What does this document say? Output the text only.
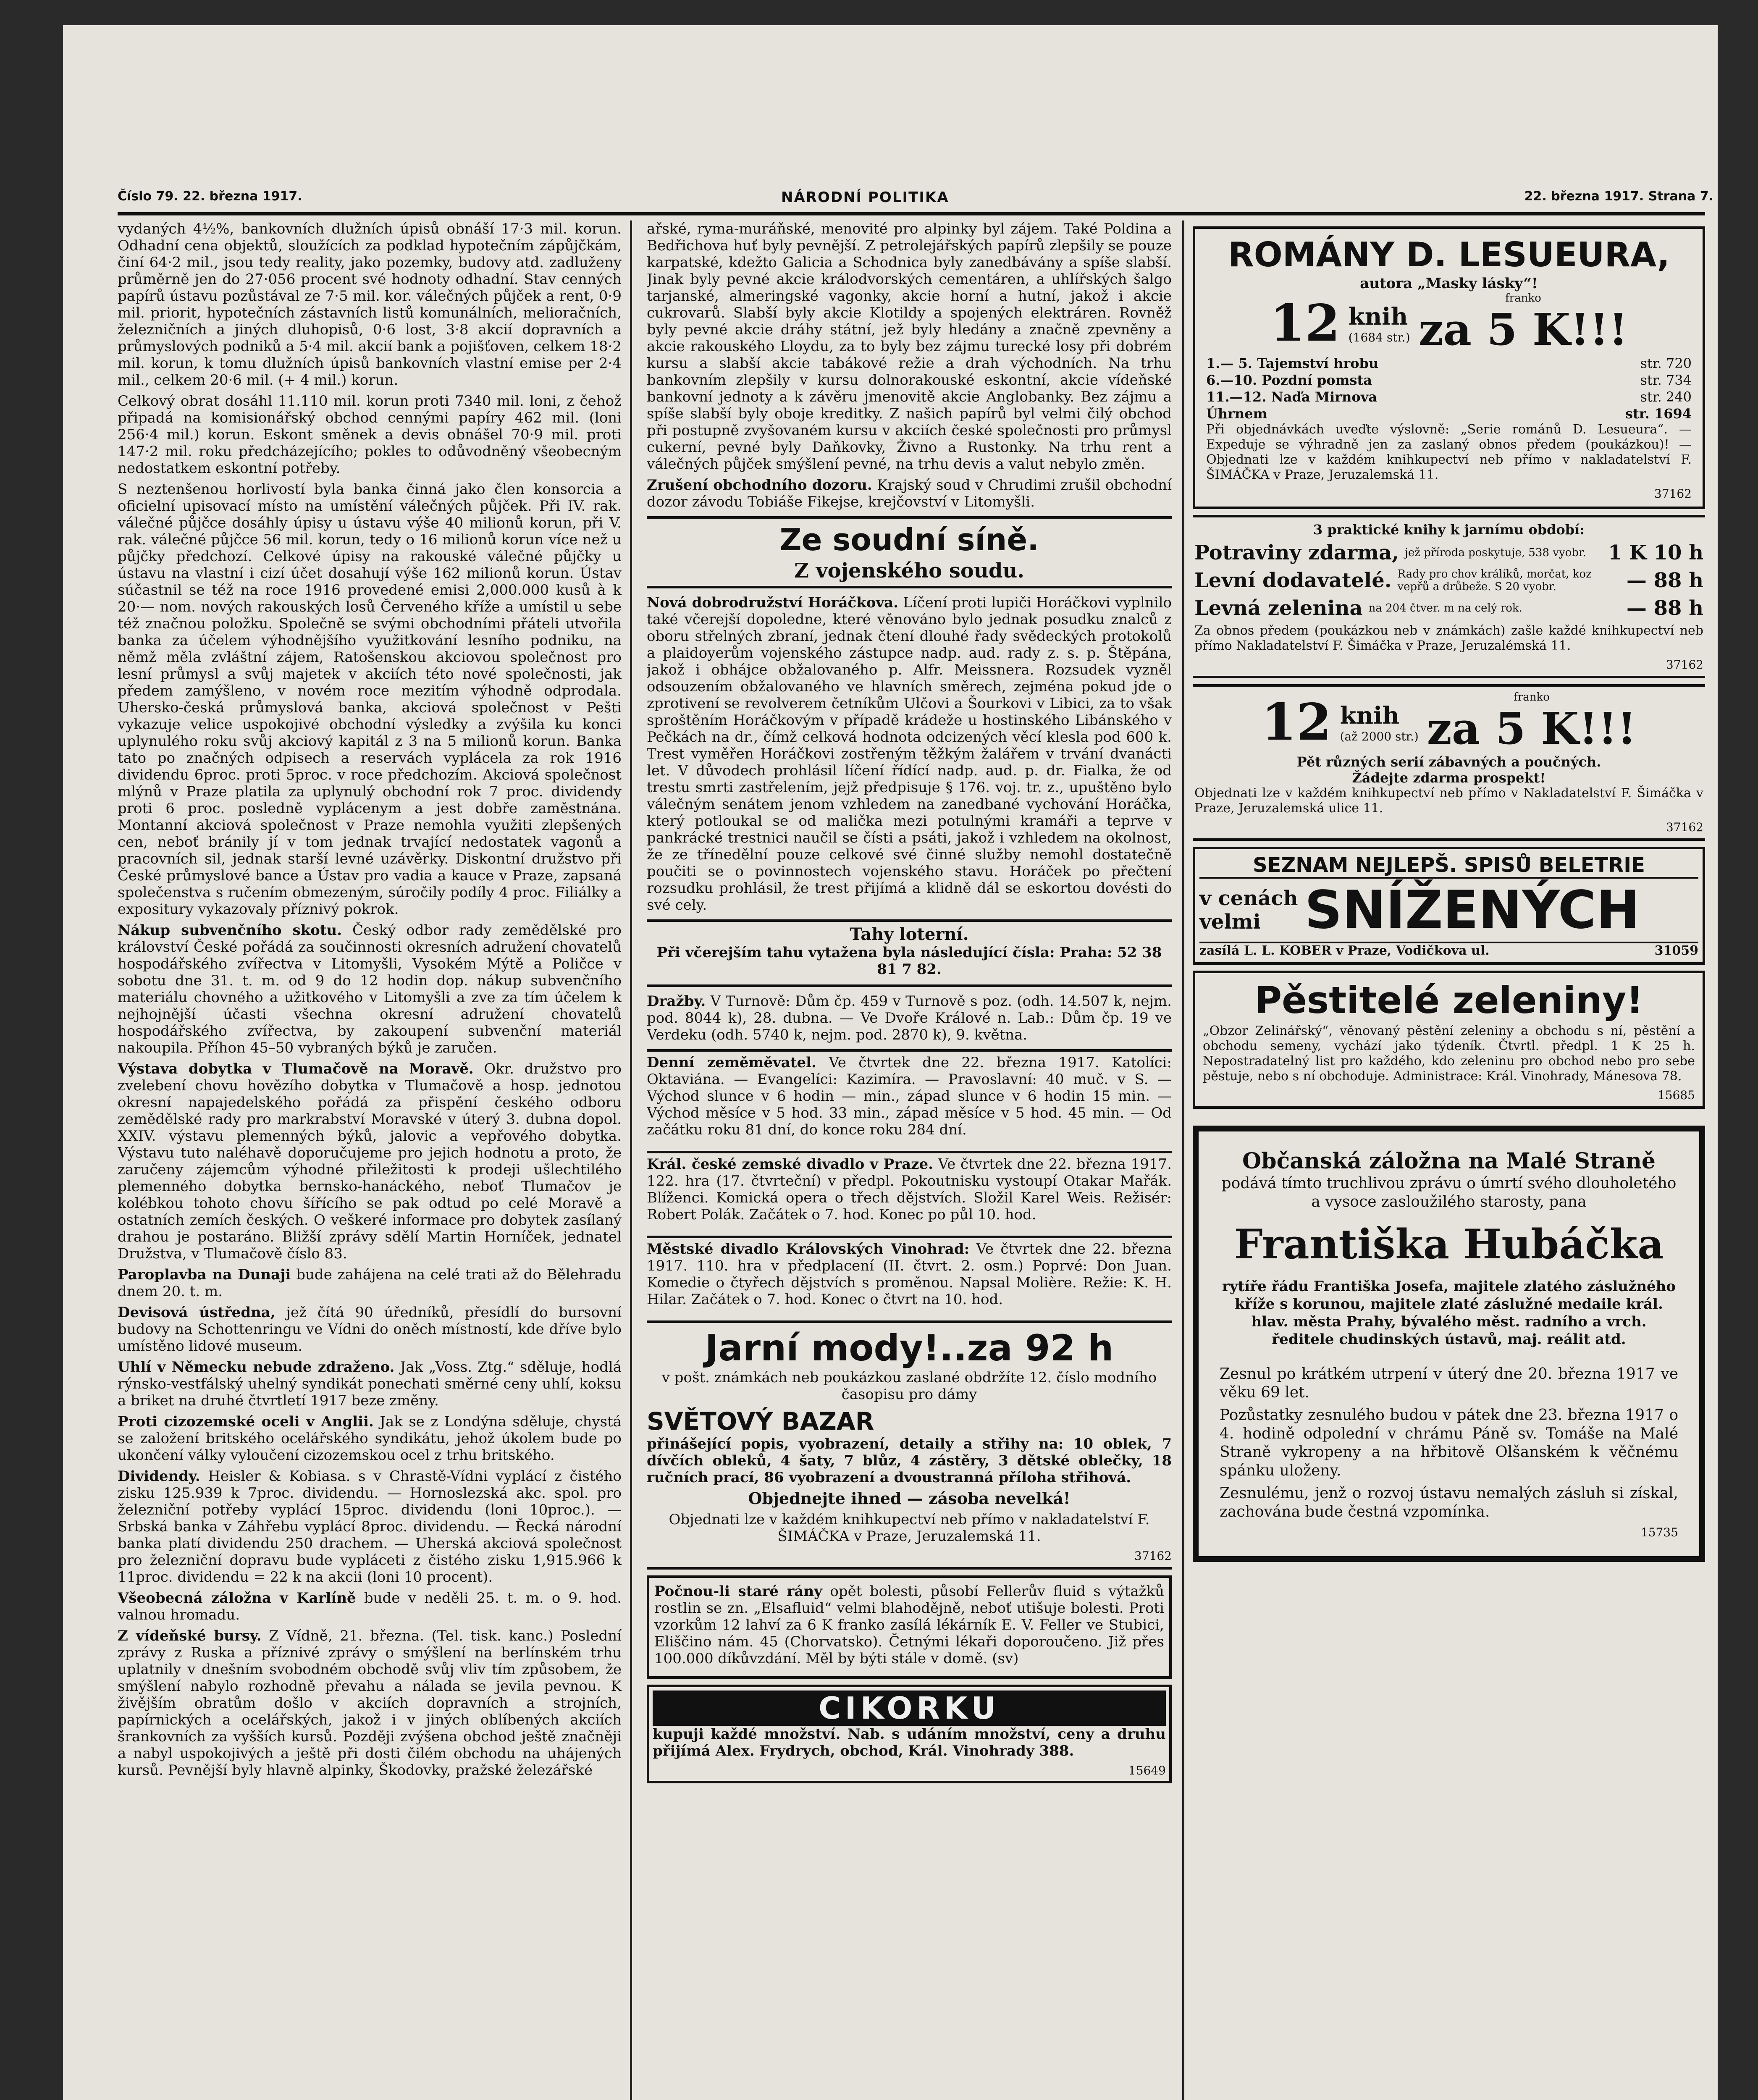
Číslo 79. 22. března 1917.	NÁRODNÍ POLITIKA	22. března 1917. Strana 7.

vydaných 4½%, bankovních dlužních úpisů obnáší 17·3 mil. korun. Odhadní cena objektů, sloužících za podklad hypotečním zápůjčkám, činí 64·2 mil., jsou tedy reality, jako pozemky, budovy atd. zadluženy průměrně jen do 27·056 procent své hodnoty odhadní. Stav cenných papírů ústavu pozůstával ze 7·5 mil. kor. válečných půjček a rent, 0·9 mil. priorit, hypotečních zástavních listů komunálních, melioračních, železničních a jiných dluhopisů, 0·6 lost, 3·8 akcií dopravních a průmyslových podniků a 5·4 mil. akcií bank a pojišťoven, celkem 18·2 mil. korun, k tomu dlužních úpisů bankovních vlastní emise per 2·4 mil., celkem 20·6 mil. (+ 4 mil.) korun.

Celkový obrat dosáhl 11.110 mil. korun proti 7340 mil. loni, z čehož připadá na komisionářský obchod cennými papíry 462 mil. (loni 256·4 mil.) korun. Eskont směnek a devis obnášel 70·9 mil. proti 147·2 mil. roku předcházejícího; pokles to odůvodněný všeobecným nedostatkem eskontní potřeby.

S neztenšenou horlivostí byla banka činná jako člen konsorcia a oficielní upisovací místo na umístění válečných půjček. Při IV. rak. válečné půjčce dosáhly úpisy u ústavu výše 40 milionů korun, při V. rak. válečné půjčce 56 mil. korun, tedy o 16 milionů korun více než u půjčky předchozí. Celkové úpisy na rakouské válečné půjčky u ústavu na vlastní i cizí účet dosahují výše 162 milionů korun. Ústav súčastnil se též na roce 1916 provedené emisi 2,000.000 kusů à k 20·— nom. nových rakouských losů Červeného kříže a umístil u sebe též značnou položku. Společně se svými obchodními přáteli utvořila banka za účelem výhodnějšího využitkování lesního podniku, na němž měla zvláštní zájem, Ratošenskou akciovou společnost pro lesní průmysl a svůj majetek v akciích této nové společnosti, jak předem zamýšleno, v novém roce mezitím výhodně odprodala. Uhersko-česká průmyslová banka, akciová společnost v Pešti vykazuje velice uspokojivé obchodní výsledky a zvýšila ku konci uplynulého roku svůj akciový kapitál z 3 na 5 milionů korun. Banka tato po značných odpisech a reservách vyplácela za rok 1916 dividendu 6proc. proti 5proc. v roce předchozím. Akciová společnost mlýnů v Praze platila za uplynulý obchodní rok 7 proc. dividendy proti 6 proc. posledně vyplácenym a jest dobře zaměstnána. Montanní akciová společnost v Praze nemohla využiti zlepšených cen, neboť bránily jí v tom jednak trvající nedostatek vagonů a pracovních sil, jednak starší levné uzávěrky. Diskontní družstvo při České průmyslové bance a Ústav pro vadia a kauce v Praze, zapsaná společenstva s ručením obmezeným, súročily podíly 4 proc. Filiálky a expositury vykazovaly příznivý pokrok.

Nákup subvenčního skotu. Český odbor rady zemědělské pro království České pořádá za součinnosti okresních adružení chovatelů hospodářského zvířectva v Litomyšli, Vysokém Mýtě a Poličce v sobotu dne 31. t. m. od 9 do 12 hodin dop. nákup subvenčního materiálu chovného a užitkového v Litomyšli a zve za tím účelem k nejhojnější účasti všechna okresní adružení chovatelů hospodářského zvířectva, by zakoupení subvenční materiál nakoupila. Příhon 45–50 vybraných býků je zaručen.

Výstava dobytka v Tlumačově na Moravě. Okr. družstvo pro zvelebení chovu hovězího dobytka v Tlumačově a hosp. jednotou okresní napajedelského pořádá za přispění českého odboru zemědělské rady pro markrabství Moravské v úterý 3. dubna dopol. XXIV. výstavu plemenných býků, jalovic a vepřového dobytka. Výstavu tuto naléhavě doporučujeme pro jejich hodnotu a proto, že zaručeny zájemcům výhodné přiležitosti k prodeji ušlechtilého plemenného dobytka bernsko-hanáckého, neboť Tlumačov je kolébkou tohoto chovu šířícího se pak odtud po celé Moravě a ostatních zemích českých. O veškeré informace pro dobytek zasílaný drahou je postaráno. Bližší zprávy sdělí Martin Horníček, jednatel Družstva, v Tlumačově číslo 83.

Paroplavba na Dunaji bude zahájena na celé trati až do Bělehradu dnem 20. t. m.

Devisová ústředna, jež čítá 90 úředníků, přesídlí do bursovní budovy na Schottenringu ve Vídni do oněch místností, kde dříve bylo umístěno lidové museum.

Uhlí v Německu nebude zdraženo. Jak „Voss. Ztg.“ sděluje, hodlá rýnsko-vestfálský uhelný syndikát ponechati směrné ceny uhlí, koksu a briket na druhé čtvrtletí 1917 beze změny.

Proti cizozemské oceli v Anglii. Jak se z Londýna sděluje, chystá se založení britského ocelářského syndikátu, jehož úkolem bude po ukončení války vyloučení cizozemskou ocel z trhu britského.

Dividendy. Heisler & Kobiasa. s v Chrastě-Vídni vyplácí z čistého zisku 125.939 k 7proc. dividendu. — Hornoslezská akc. spol. pro železniční potřeby vyplácí 15proc. dividendu (loni 10proc.). — Srbská banka v Záhřebu vyplácí 8proc. dividendu. — Řecká národní banka platí dividendu 250 drachem. — Uherská akciová společnost pro železniční dopravu bude vypláceti z čistého zisku 1,915.966 k 11proc. dividendu = 22 k na akcii (loni 10 procent).

Všeobecná záložna v Karlíně bude v neděli 25. t. m. o 9. hod. valnou hromadu.

Z vídeňské bursy. Z Vídně, 21. března. (Tel. tisk. kanc.) Poslední zprávy z Ruska a příznivé zprávy o smýšlení na berlínském trhu uplatnily v dnešním svobodném obchodě svůj vliv tím způsobem, že smýšlení nabylo rozhodně převahu a nálada se jevila pevnou. K živějším obratům došlo v akciích dopravních a strojních, papírnických a ocelářských, jakož i v jiných oblíbených akciích šrankovních za vyšších kursů. Později zvýšena obchod ještě značněji a nabyl uspokojivých a ještě při dosti čilém obchodu na uhájených kursů. Pevnější byly hlavně alpinky, Škodovky, pražské železářské

ařské, ryma-muráňské, menovité pro alpinky byl zájem. Také Poldina a Bedřichova huť byly pevnější. Z petrolejářských papírů zlepšily se pouze karpatské, kdežto Galicia a Schodnica byly zanedbávány a spíše slabší. Jinak byly pevné akcie králodvorských cementáren, a uhlířských šalgo tarjanské, almeringské vagonky, akcie horní a hutní, jakož i akcie cukrovarů. Slabší byly akcie Klotildy a spojených elektráren. Rovněž byly pevné akcie dráhy státní, jež byly hledány a značně zpevněny a akcie rakouského Lloydu, za to byly bez zájmu turecké losy při dobrém kursu a slabší akcie tabákové režie a drah východních. Na trhu bankovním zlepšily v kursu dolnorakouské eskontní, akcie vídeňské bankovní jednoty a k závěru jmenovitě akcie Anglobanky. Bez zájmu a spíše slabší byly oboje kreditky. Z našich papírů byl velmi čilý obchod při postupně zvyšovaném kursu v akciích české společnosti pro průmysl cukerní, pevné byly Daňkovky, Živno a Rustonky. Na trhu rent a válečných půjček smýšlení pevné, na trhu devis a valut nebylo změn.

Zrušení obchodního dozoru. Krajský soud v Chrudimi zrušil obchodní dozor závodu Tobiáše Fikejse, krejčovství v Litomyšli.

Ze soudní síně.
Z vojenského soudu.

Nová dobrodružství Horáčkova. Líčení proti lupiči Horáčkovi vyplnilo také včerejší dopoledne, které věnováno bylo jednak posudku znalců z oboru střelných zbraní, jednak čtení dlouhé řady svědeckých protokolů a plaidoyerům vojenského zástupce nadp. aud. rady z. s. p. Štěpána, jakož i obhájce obžalovaného p. Alfr. Meissnera. Rozsudek vyzněl odsouzením obžalovaného ve hlavních směrech, zejména pokud jde o zprotivení se revolverem četníkům Ulčovi a Šourkovi v Libici, za to však sproštěním Horáčkovým v případě krádeže u hostinského Libánského v Pečkách na dr., čímž celková hodnota odcizených věcí klesla pod 600 k. Trest vyměřen Horáčkovi zostřeným těžkým žalářem v trvání dvanácti let. V důvodech prohlásil líčení řídící nadp. aud. p. dr. Fialka, že od trestu smrti zastřelením, jejž předpisuje § 176. voj. tr. z., upuštěno bylo válečným senátem jenom vzhledem na zanedbané vychování Horáčka, který potloukal se od malička mezi potulnými kramáři a teprve v pankrácké trestnici naučil se čísti a psáti, jakož i vzhledem na okolnost, že ze třínedělní pouze celkové své činné služby nemohl dostatečně poučiti se o povinnostech vojenského stavu. Horáček po přečtení rozsudku prohlásil, že trest přijímá a klidně dál se eskortou dovésti do své cely.

Tahy loterní.

Při včerejším tahu vytažena byla následující čísla: Praha: 52 38 81 7 82.

Dražby. V Turnově: Dům čp. 459 v Turnově s poz. (odh. 14.507 k, nejm. pod. 8044 k), 28. dubna. — Ve Dvoře Králové n. Lab.: Dům čp. 19 ve Verdeku (odh. 5740 k, nejm. pod. 2870 k), 9. května.

Denní zeměměvatel. Ve čtvrtek dne 22. března 1917. Katolíci: Oktaviána. — Evangelíci: Kazimíra. — Pravoslavní: 40 muč. v S. — Východ slunce v 6 hodin — min., západ slunce v 6 hodin 15 min. — Východ měsíce v 5 hod. 33 min., západ měsíce v 5 hod. 45 min. — Od začátku roku 81 dní, do konce roku 284 dní.

Král. české zemské divadlo v Praze. Ve čtvrtek dne 22. března 1917. 122. hra (17. čtvrteční) v předpl. Pokoutnisku vystoupí Otakar Mařák. Blíženci. Komická opera o třech dějstvích. Složil Karel Weis. Režisér: Robert Polák. Začátek o 7. hod. Konec po půl 10. hod.

Městské divadlo Královských Vinohrad: Ve čtvrtek dne 22. března 1917. 110. hra v předplacení (II. čtvrt. 2. osm.) Poprvé: Don Juan. Komedie o čtyřech dějstvích s proměnou. Napsal Molière. Režie: K. H. Hilar. Začátek o 7. hod. Konec o čtvrt na 10. hod.

Jarní mody!..za 92 h

v pošt. známkách neb poukázkou zaslané obdržíte 12. číslo modního časopisu pro dámy

SVĚTOVÝ BAZAR

přinášející popis, vyobrazení, detaily a střihy na: 10 oblek, 7 dívčích obleků, 4 šaty, 7 blůz, 4 zástěry, 3 dětské oblečky, 18 ručních prací, 86 vyobrazení a dvoustranná příloha střihová.

Objednejte ihned — zásoba nevelká!

Objednati lze v každém knihkupectví neb přímo v nakladatelství F. ŠIMÁČKA v Praze, Jeruzalemská 11.

37162

Počnou-li staré rány opět bolesti, působí Fellerův fluid s výtažků rostlin se zn. „Elsafluid“ velmi blahodějně, neboť utišuje bolesti. Proti vzorkům 12 lahví za 6 K franko zasílá lékárník E. V. Feller ve Stubici, Eliščino nám. 45 (Chorvatsko). Četnými lékaři doporoučeno. Již přes 100.000 díkůvzdání. Měl by býti stále v domě. (sv)

CIKORKU

kupuji každé množství. Nab. s udáním množství, ceny a druhu přijímá Alex. Frydrych, obchod, Král. Vinohrady 388.

15649
ROMÁNY D. LESUEURA,
autora „Masky lásky“!
12 knih
(1684 str.)
franko
za 5 K!!!
1.— 5. Tajemství hrobu	str. 720
6.—10. Pozdní pomsta	str. 734
11.—12. Naďa Mirnova	str. 240
Úhrnem	str. 1694

Při objednávkách uveďte výslovně: „Serie románů D. Lesueura“. — Expeduje se výhradně jen za zaslaný obnos předem (poukázkou)! — Objednati lze v každém knihkupectví neb přímo v nakladatelství F. ŠIMÁČKA v Praze, Jeruzalemská 11.

37162
3 praktické knihy k jarnímu období:
Potraviny zdarma, jež příroda poskytuje, 538 vyobr.	1 K 10 h
Levní dodavatelé. Rady pro chov králíků, morčat, koz vepřů a drůbeže. S 20 vyobr.	— 88 h
Levná zelenina na 204 čtver. m na celý rok.	— 88 h

Za obnos předem (poukázkou neb v známkách) zašle každé knihkupectví neb přímo Nakladatelství F. Šimáčka v Praze, Jeruzalémská 11.

37162
12 knih
(až 2000 str.)
franko
za 5 K!!!
Pět různých serií zábavných a poučných.
Žádejte zdarma prospekt!

Objednati lze v každém knihkupectví neb přímo v Nakladatelství F. Šimáčka v Praze, Jeruzalemská ulice 11.

37162
SEZNAM NEJLEPŠ. SPISŮ BELETRIE
v cenách
velmi SNÍŽENÝCH
zasílá L. L. KOBER v Praze, Vodičkova ul.	31059
Pěstitelé zeleniny!

„Obzor Zelinářský“, věnovaný pěstění zeleniny a obchodu s ní, pěstění a obchodu semeny, vychází jako týdeník. Čtvrtl. předpl. 1 K 25 h. Nepostradatelný list pro každého, kdo zeleninu pro obchod nebo pro sebe pěstuje, nebo s ní obchoduje. Administrace: Král. Vinohrady, Mánesova 78.

15685
Občanská záložna na Malé Straně

podává tímto truchlivou zprávu o úmrtí svého dlouholetého a vysoce zasloužilého starosty, pana

Františka Hubáčka

rytíře řádu Františka Josefa, majitele zlatého záslužného kříže s korunou, majitele zlaté záslužné medaile král. hlav. města Prahy, bývalého měst. radního a vrch. ředitele chudinských ústavů, maj. reálit atd.

Zesnul po krátkém utrpení v úterý dne 20. března 1917 ve věku 69 let.

Pozůstatky zesnulého budou v pátek dne 23. března 1917 o 4. hodině odpolední v chrámu Páně sv. Tomáše na Malé Straně vykropeny a na hřbitově Olšanském k věčnému spánku uloženy.

Zesnulému, jenž o rozvoj ústavu nemalých zásluh si získal, zachována bude čestná vzpomínka.

15735
